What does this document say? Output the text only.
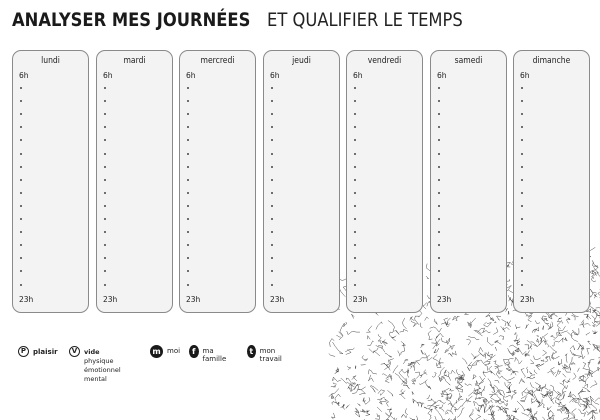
ANALYSER MES JOURNÉES ET QUALIFIER LE TEMPS
lundi
6h
23h
mardi
6h
23h
mercredi
6h
23h
jeudi
6h
23h
vendredi
6h
23h
samedi
6h
23h
dimanche
6h
23h
P plaisir	V	vide
physique
émotionnel
mental
m moi	f	ma famille
t mon travail
